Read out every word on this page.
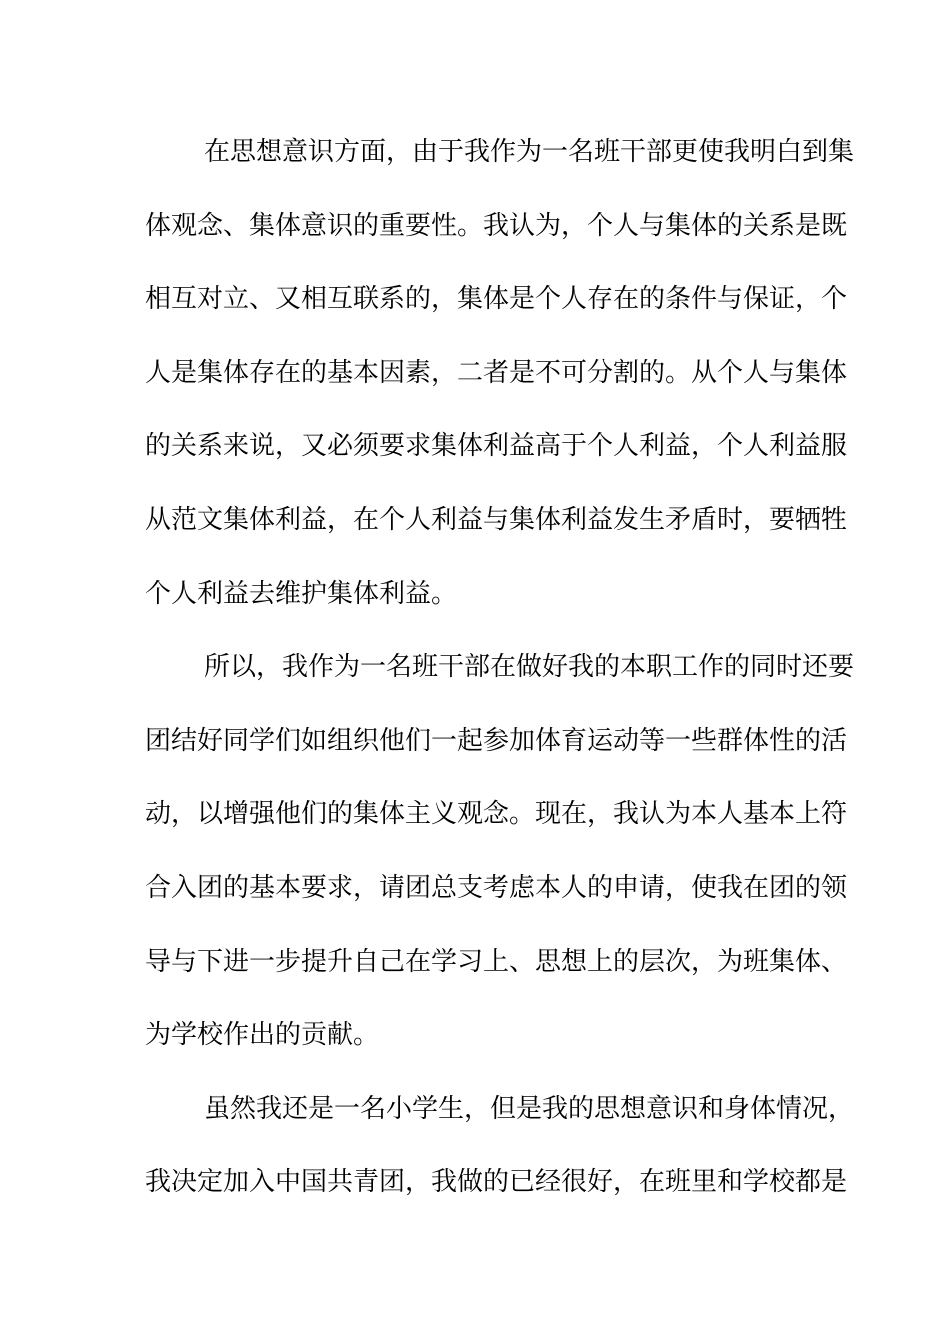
在思想意识方面，由于我作为一名班干部更使我明白到集
体观念、集体意识的重要性。我认为，个人与集体的关系是既
相互对立、又相互联系的，集体是个人存在的条件与保证，个
人是集体存在的基本因素，二者是不可分割的。从个人与集体
的关系来说，又必须要求集体利益高于个人利益，个人利益服
从范文集体利益，在个人利益与集体利益发生矛盾时，要牺牲
个人利益去维护集体利益。
所以，我作为一名班干部在做好我的本职工作的同时还要
团结好同学们如组织他们一起参加体育运动等一些群体性的活
动，以增强他们的集体主义观念。现在，我认为本人基本上符
合入团的基本要求，请团总支考虑本人的申请，使我在团的领
导与下进一步提升自己在学习上、思想上的层次，为班集体、
为学校作出的贡献。
虽然我还是一名小学生，但是我的思想意识和身体情况，
我决定加入中国共青团，我做的已经很好，在班里和学校都是
